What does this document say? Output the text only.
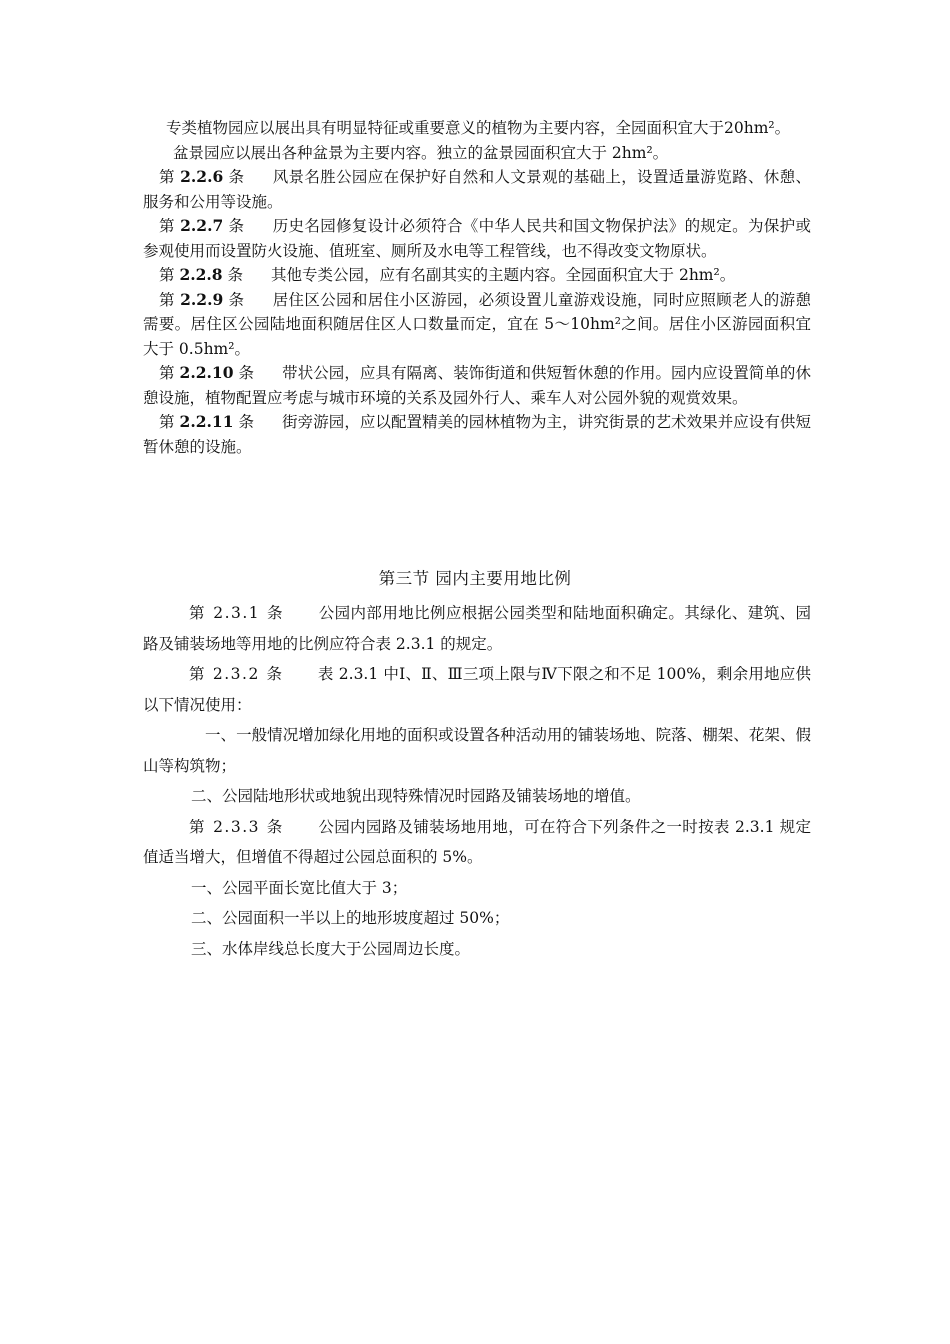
专类植物园应以展出具有明显特征或重要意义的植物为主要内容，全园面积宜大于20hm²。
盆景园应以展出各种盆景为主要内容。独立的盆景园面积宜大于 2hm²。
第 2.2.6 条 风景名胜公园应在保护好自然和人文景观的基础上，设置适量游览路、休憩、服务和公用等设施。
第 2.2.7 条 历史名园修复设计必须符合《中华人民共和国文物保护法》的规定。为保护或参观使用而设置防火设施、值班室、厕所及水电等工程管线，也不得改变文物原状。
第 2.2.8 条 其他专类公园，应有名副其实的主题内容。全园面积宜大于 2hm²。
第 2.2.9 条 居住区公园和居住小区游园，必须设置儿童游戏设施，同时应照顾老人的游憩需要。居住区公园陆地面积随居住区人口数量而定，宜在 5～10hm²之间。居住小区游园面积宜大于 0.5hm²。
第 2.2.10 条 带状公园，应具有隔离、装饰街道和供短暂休憩的作用。园内应设置简单的休憩设施，植物配置应考虑与城市环境的关系及园外行人、乘车人对公园外貌的观赏效果。
第 2.2.11 条 街旁游园，应以配置精美的园林植物为主，讲究街景的艺术效果并应设有供短暂休憩的设施。
第三节 园内主要用地比例
第 2.3.1 条 公园内部用地比例应根据公园类型和陆地面积确定。其绿化、建筑、园路及铺装场地等用地的比例应符合表 2.3.1 的规定。
第 2.3.2 条 表 2.3.1 中Ⅰ、Ⅱ、Ⅲ三项上限与Ⅳ下限之和不足 100%，剩余用地应供以下情况使用：
一、一般情况增加绿化用地的面积或设置各种活动用的铺装场地、院落、棚架、花架、假山等构筑物；
二、公园陆地形状或地貌出现特殊情况时园路及铺装场地的增值。
第 2.3.3 条 公园内园路及铺装场地用地，可在符合下列条件之一时按表 2.3.1 规定值适当增大，但增值不得超过公园总面积的 5%。
一、公园平面长宽比值大于 3；
二、公园面积一半以上的地形坡度超过 50%；
三、水体岸线总长度大于公园周边长度。
